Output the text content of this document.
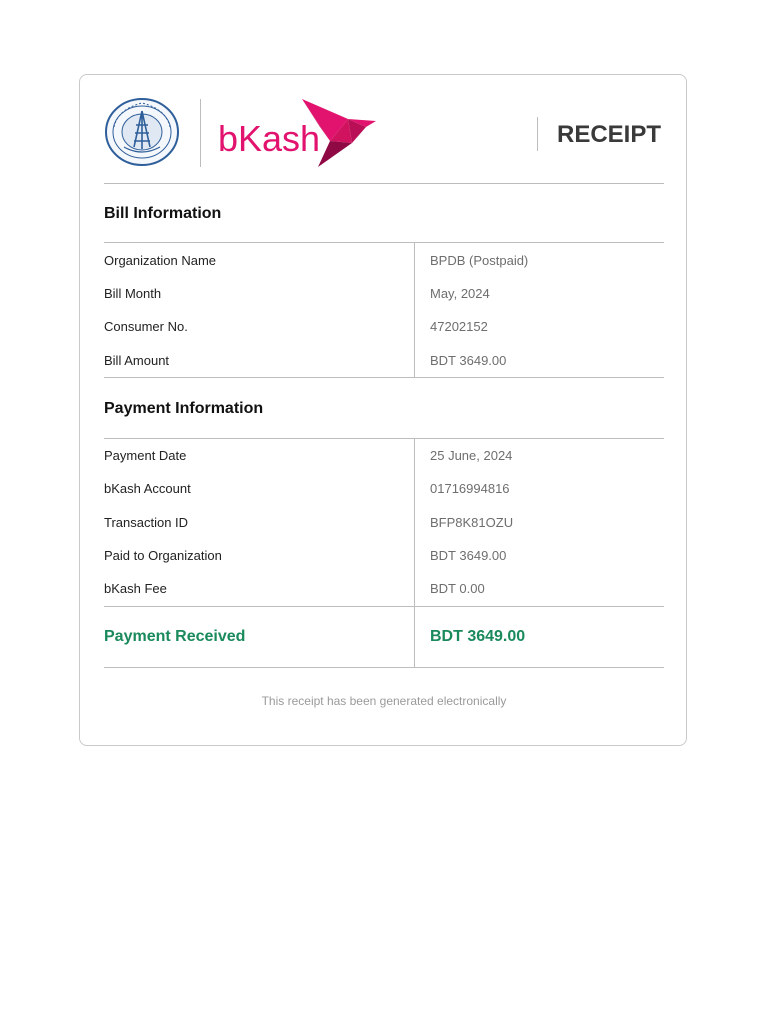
bKash	RECEIPT
Bill Information
Organization Name	BPDB (Postpaid)
Bill Month	May, 2024
Consumer No.	47202152
Bill Amount	BDT 3649.00
Payment Information
Payment Date	25 June, 2024
bKash Account	01716994816
Transaction ID	BFP8K81OZU
Paid to Organization	BDT 3649.00
bKash Fee	BDT 0.00
Payment Received	BDT 3649.00
This receipt has been generated electronically
